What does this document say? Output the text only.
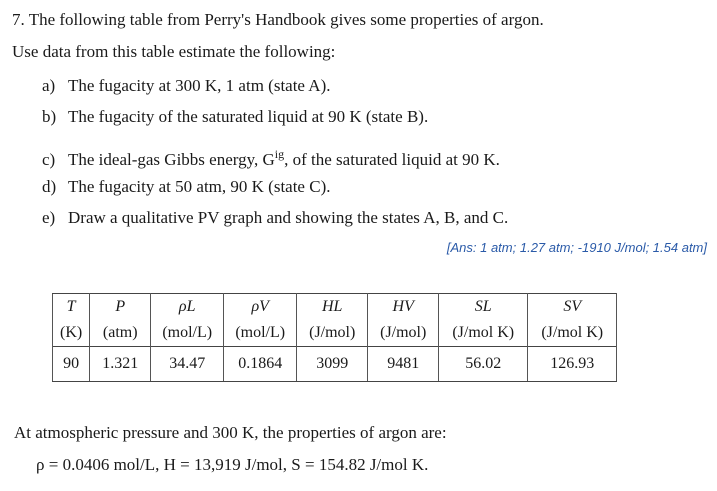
7. The following table from Perry's Handbook gives some properties of argon.
Use data from this table estimate the following:
a) The fugacity at 300 K, 1 atm (state A).
b) The fugacity of the saturated liquid at 90 K (state B).
c) The ideal-gas Gibbs energy, $G^{ig}$, of the saturated liquid at 90 K.
d) The fugacity at 50 atm, 90 K (state C).
e) Draw a qualitative PV graph and showing the states A, B, and C.
[Ans: 1 atm; 1.27 atm; -1910 J/mol; 1.54 atm]
T	P	ρL	ρV	HL	HV	SL	SV
(K)	(atm)	(mol/L)	(mol/L)	(J/mol)	(J/mol)	(J/mol K)	(J/mol K)
90	1.321	34.47	0.1864	3099	9481	56.02	126.93
At atmospheric pressure and 300 K, the properties of argon are:
ρ = 0.0406 mol/L, H = 13,919 J/mol, S = 154.82 J/mol K.
